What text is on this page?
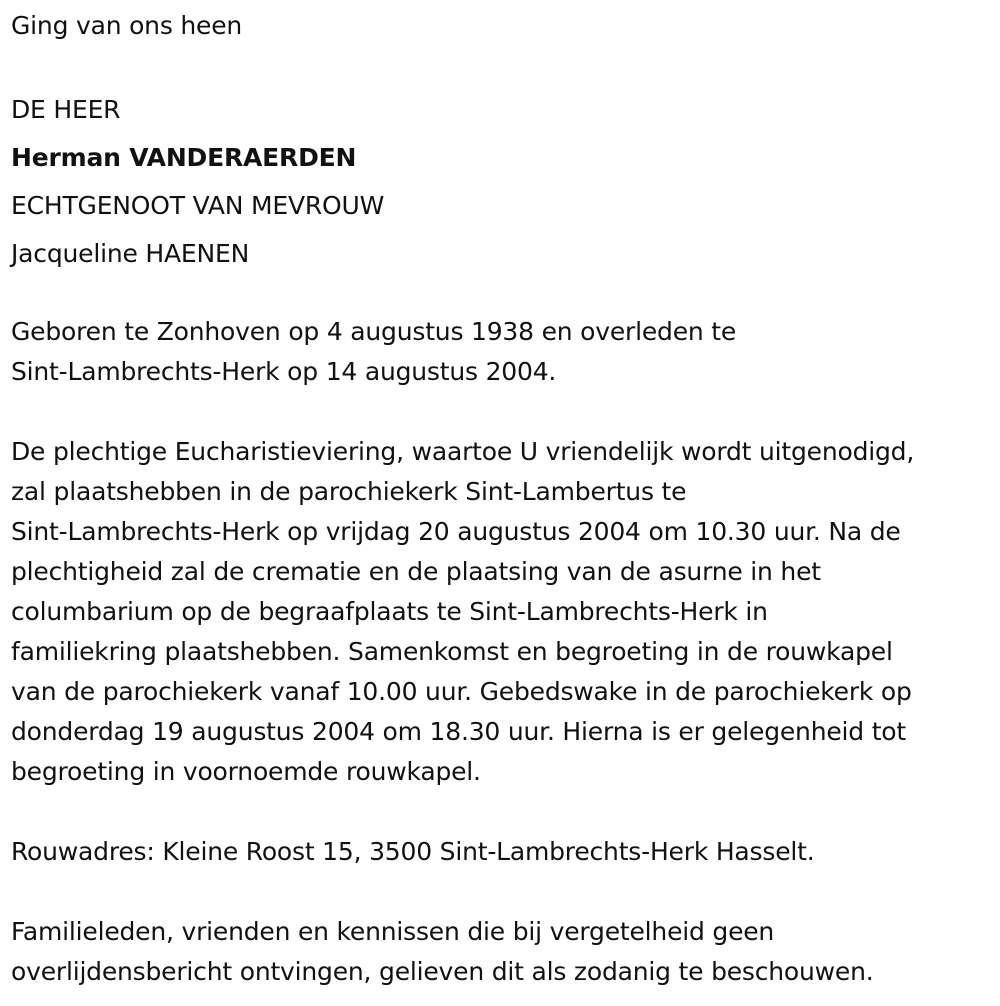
Ging van ons heen
DE HEER
Herman VANDERAERDEN
ECHTGENOOT VAN MEVROUW
Jacqueline HAENEN
Geboren te Zonhoven op 4 augustus 1938 en overleden te
Sint-Lambrechts-Herk op 14 augustus 2004.
De plechtige Eucharistieviering, waartoe U vriendelijk wordt uitgenodigd,
zal plaatshebben in de parochiekerk Sint-Lambertus te
Sint-Lambrechts-Herk op vrijdag 20 augustus 2004 om 10.30 uur. Na de
plechtigheid zal de crematie en de plaatsing van de asurne in het
columbarium op de begraafplaats te Sint-Lambrechts-Herk in
familiekring plaatshebben. Samenkomst en begroeting in de rouwkapel
van de parochiekerk vanaf 10.00 uur. Gebedswake in de parochiekerk op
donderdag 19 augustus 2004 om 18.30 uur. Hierna is er gelegenheid tot
begroeting in voornoemde rouwkapel.
Rouwadres: Kleine Roost 15, 3500 Sint-Lambrechts-Herk Hasselt.
Familieleden, vrienden en kennissen die bij vergetelheid geen
overlijdensbericht ontvingen, gelieven dit als zodanig te beschouwen.
